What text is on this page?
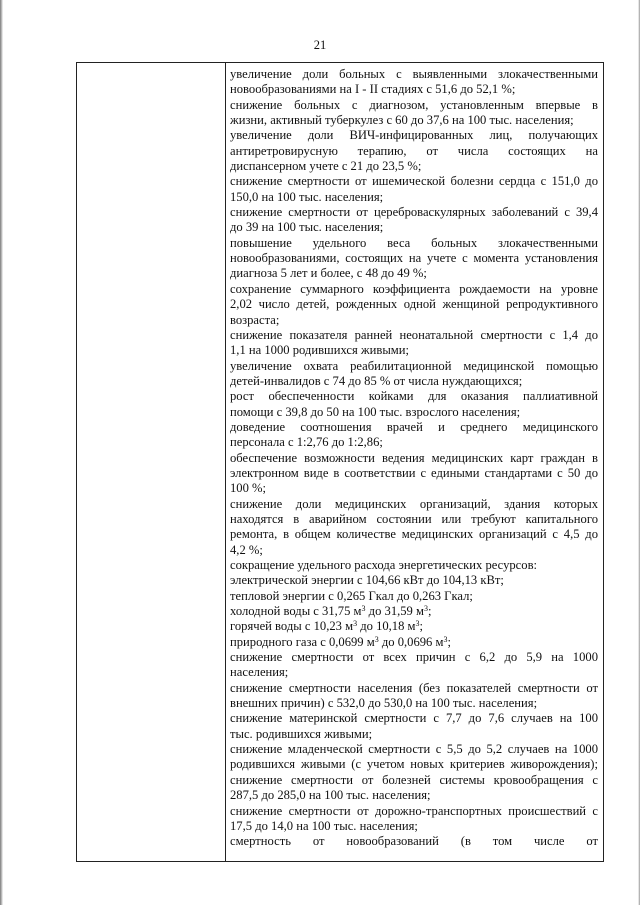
21
увеличение доли больных с выявленными злокачественными
новообразованиями на I - II стадиях с 51,6 до 52,1 %;
снижение больных с диагнозом, установленным впервые в
жизни, активный туберкулез с 60 до 37,6 на 100 тыс. населения;
увеличение доли ВИЧ-инфицированных лиц, получающих
антиретровирусную терапию, от числа состоящих на
диспансерном учете с 21 до 23,5 %;
снижение смертности от ишемической болезни сердца с 151,0 до
150,0 на 100 тыс. населения;
снижение смертности от цереброваскулярных заболеваний с 39,4
до 39 на 100 тыс. населения;
повышение удельного веса больных злокачественными
новообразованиями, состоящих на учете с момента установления
диагноза 5 лет и более, с 48 до 49 %;
сохранение суммарного коэффициента рождаемости на уровне
2,02 число детей, рожденных одной женщиной репродуктивного
возраста;
снижение показателя ранней неонатальной смертности с 1,4 до
1,1 на 1000 родившихся живыми;
увеличение охвата реабилитационной медицинской помощью
детей-инвалидов с 74 до 85 % от числа нуждающихся;
рост обеспеченности койками для оказания паллиативной
помощи с 39,8 до 50 на 100 тыс. взрослого населения;
доведение соотношения врачей и среднего медицинского
персонала с 1:2,76 до 1:2,86;
обеспечение возможности ведения медицинских карт граждан в
электронном виде в соответствии с едиными стандартами с 50 до
100 %;
снижение доли медицинских организаций, здания которых
находятся в аварийном состоянии или требуют капитального
ремонта, в общем количестве медицинских организаций с 4,5 до
4,2 %;
сокращение удельного расхода энергетических ресурсов:
электрической энергии с 104,66 кВт до 104,13 кВт;
тепловой энергии с 0,265 Гкал до 0,263 Гкал;
холодной воды с 31,75 $м^3$ до 31,59 $м^3$;
горячей воды с 10,23 $м^3$ до 10,18 $м^3$;
природного газа с 0,0699 $м^3$ до 0,0696 $м^3$;
снижение смертности от всех причин с 6,2 до 5,9 на 1000
населения;
снижение смертности населения (без показателей смертности от
внешних причин) с 532,0 до 530,0 на 100 тыс. населения;
снижение материнской смертности с 7,7 до 7,6 случаев на 100
тыс. родившихся живыми;
снижение младенческой смертности с 5,5 до 5,2 случаев на 1000
родившихся живыми (с учетом новых критериев живорождения);
снижение смертности от болезней системы кровообращения с
287,5 до 285,0 на 100 тыс. населения;
снижение смертности от дорожно-транспортных происшествий с
17,5 до 14,0 на 100 тыс. населения;
смертность от новообразований (в том числе от
